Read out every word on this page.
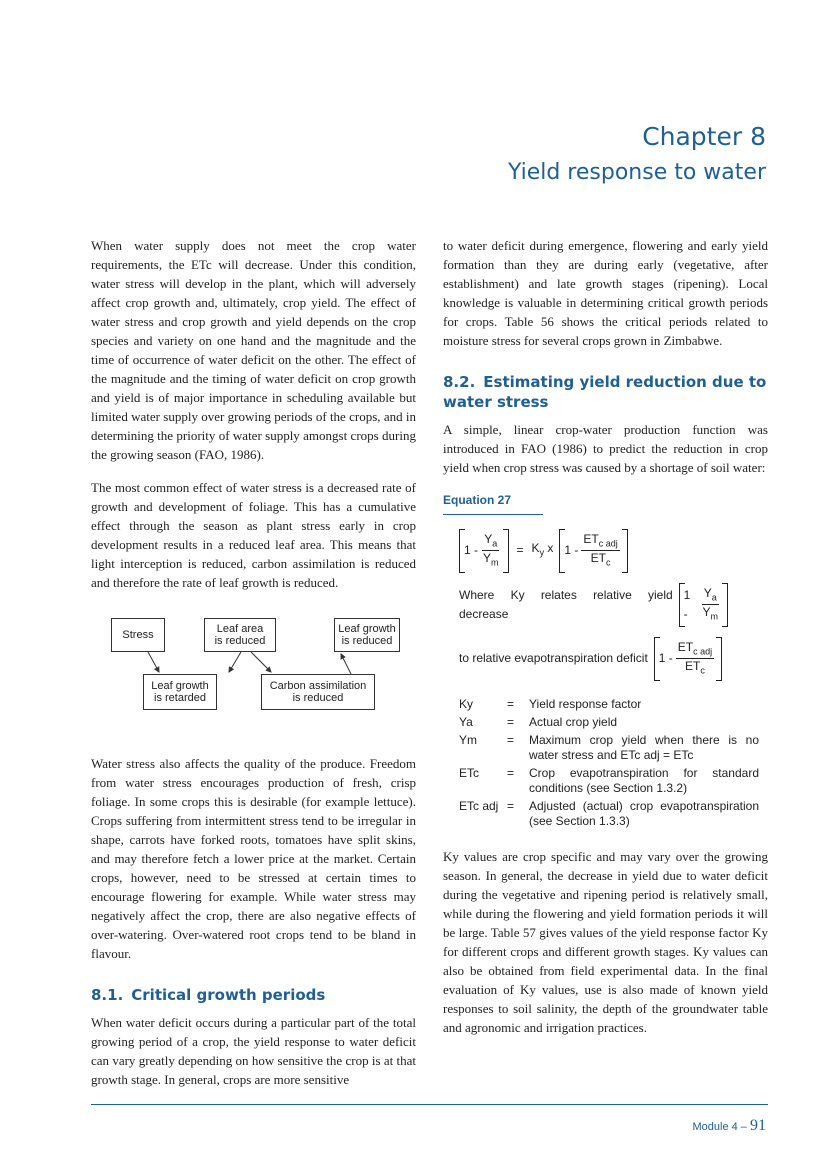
Chapter 8
Yield response to water

When water supply does not meet the crop water requirements, the ETc will decrease. Under this condition, water stress will develop in the plant, which will adversely affect crop growth and, ultimately, crop yield. The effect of water stress and crop growth and yield depends on the crop species and variety on one hand and the magnitude and the time of occurrence of water deficit on the other. The effect of the magnitude and the timing of water deficit on crop growth and yield is of major importance in scheduling available but limited water supply over growing periods of the crops, and in determining the priority of water supply amongst crops during the growing season (FAO, 1986).

The most common effect of water stress is a decreased rate of growth and development of foliage. This has a cumulative effect through the season as plant stress early in crop development results in a reduced leaf area. This means that light interception is reduced, carbon assimilation is reduced and therefore the rate of leaf growth is reduced.

Stress	Leaf area
is reduced
Leaf growth
is reduced
Leaf growth
is retarded
Carbon assimilation
is reduced

Water stress also affects the quality of the produce. Freedom from water stress encourages production of fresh, crisp foliage. In some crops this is desirable (for example lettuce). Crops suffering from intermittent stress tend to be irregular in shape, carrots have forked roots, tomatoes have split skins, and may therefore fetch a lower price at the market. Certain crops, however, need to be stressed at certain times to encourage flowering for example. While water stress may negatively affect the crop, there are also negative effects of over-watering. Over-watered root crops tend to be bland in flavour.

8.1. Critical growth periods

When water deficit occurs during a particular part of the total growing period of a crop, the yield response to water deficit can vary greatly depending on how sensitive the crop is at that growth stage. In general, crops are more sensitive

to water deficit during emergence, flowering and early yield formation than they are during early (vegetative, after establishment) and late growth stages (ripening). Local knowledge is valuable in determining critical growth periods for crops. Table 56 shows the critical periods related to moisture stress for several crops grown in Zimbabwe.

8.2. Estimating yield reduction due to water stress

A simple, linear crop-water production function was introduced in FAO (1986) to predict the reduction in crop yield when crop stress was caused by a shortage of soil water:

Equation 27
$1 - \frac{Y_a}{Y_m} = K_y$ x $1 - \frac{ET_{c adj}}{ET_c}$
Where Ky relates relative yield decrease
1 -	$\frac{Y_a}{Y_m}$
to relative evapotranspiration deficit $1 - \frac{ET_{c adj}}{ET_c}$
Ky	=	Yield response factor
Ya	=	Actual crop yield
Ym	=	Maximum crop yield when there is no water stress and ETc adj = ETc
ETc	=	Crop evapotranspiration for standard conditions (see Section 1.3.2)
ETc adj =	Adjusted (actual) crop evapotranspiration (see Section 1.3.3)

Ky values are crop specific and may vary over the growing season. In general, the decrease in yield due to water deficit during the vegetative and ripening period is relatively small, while during the flowering and yield formation periods it will be large. Table 57 gives values of the yield response factor Ky for different crops and different growth stages. Ky values can also be obtained from field experimental data. In the final evaluation of Ky values, use is also made of known yield responses to soil salinity, the depth of the groundwater table and agronomic and irrigation practices.

Module 4 – 91
